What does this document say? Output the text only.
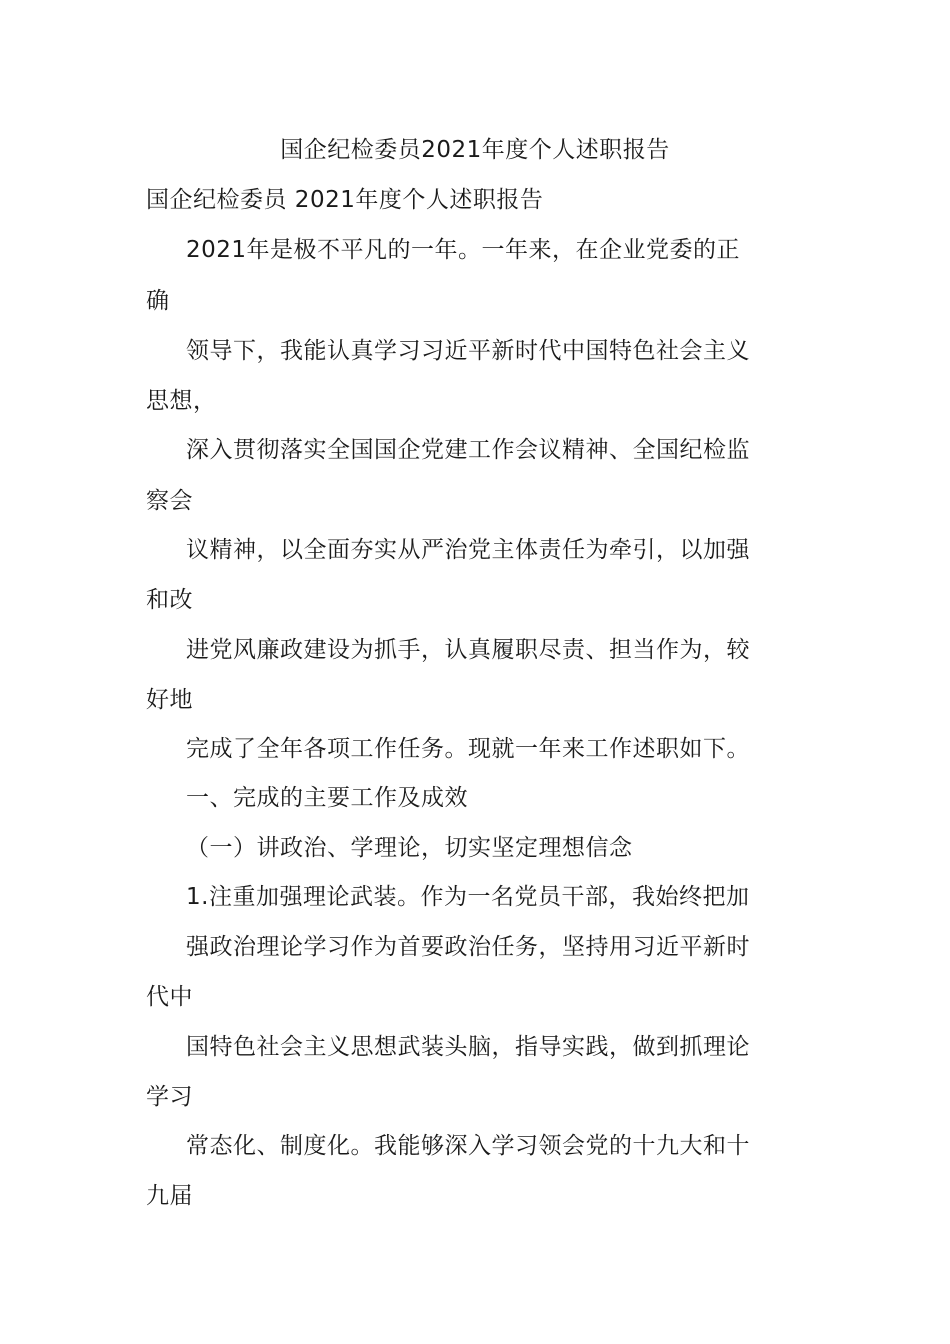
国企纪检委员2021年度个人述职报告
国企纪检委员 2021年度个人述职报告
2021年是极不平凡的一年。一年来，在企业党委的正
确
领导下，我能认真学习习近平新时代中国特色社会主义
思想，
深入贯彻落实全国国企党建工作会议精神、全国纪检监
察会
议精神，以全面夯实从严治党主体责任为牵引，以加强
和改
进党风廉政建设为抓手，认真履职尽责、担当作为，较
好地
完成了全年各项工作任务。现就一年来工作述职如下。
一、完成的主要工作及成效
（一）讲政治、学理论，切实坚定理想信念
1.注重加强理论武装。作为一名党员干部，我始终把加
强政治理论学习作为首要政治任务，坚持用习近平新时
代中
国特色社会主义思想武装头脑，指导实践，做到抓理论
学习
常态化、制度化。我能够深入学习领会党的十九大和十
九届
